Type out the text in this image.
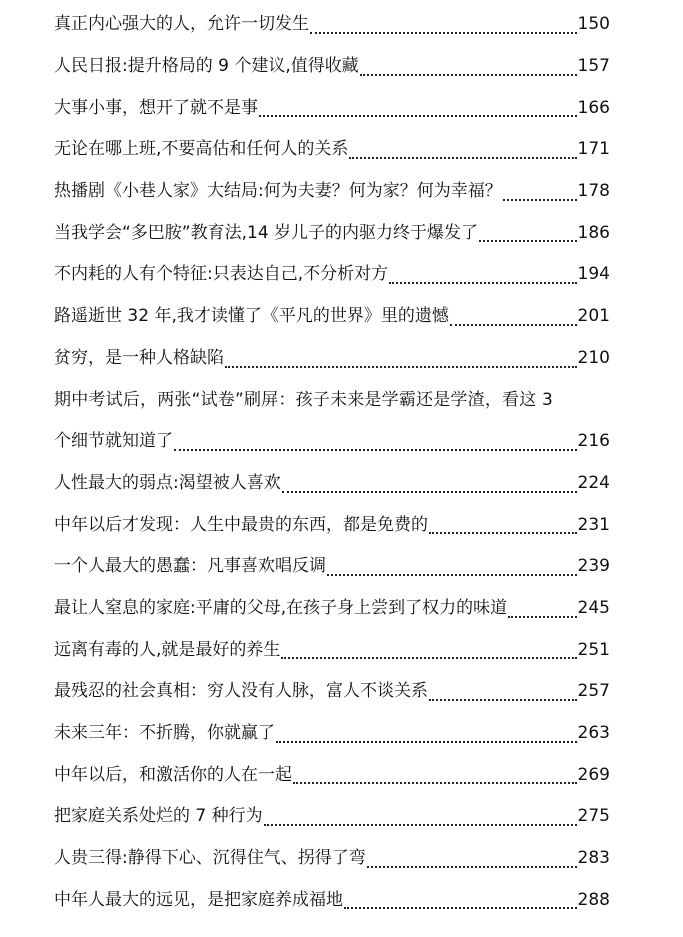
真正内心强大的人，允许一切发生	150
人民日报:提升格局的 9 个建议,值得收藏	157
大事小事，想开了就不是事	166
无论在哪上班,不要高估和任何人的关系	171
热播剧《小巷人家》大结局:何为夫妻？何为家？何为幸福？	178
当我学会“多巴胺”教育法,14 岁儿子的内驱力终于爆发了	186
不内耗的人有个特征:只表达自己,不分析对方	194
路遥逝世 32 年,我才读懂了《平凡的世界》里的遗憾	201
贫穷，是一种人格缺陷	210
期中考试后，两张“试卷”刷屏：孩子未来是学霸还是学渣，看这 3
个细节就知道了	216
人性最大的弱点:渴望被人喜欢	224
中年以后才发现：人生中最贵的东西，都是免费的	231
一个人最大的愚蠢：凡事喜欢唱反调	239
最让人窒息的家庭:平庸的父母,在孩子身上尝到了权力的味道	245
远离有毒的人,就是最好的养生	251
最残忍的社会真相：穷人没有人脉，富人不谈关系	257
未来三年：不折腾，你就赢了	263
中年以后，和激活你的人在一起	269
把家庭关系处烂的 7 种行为	275
人贵三得:静得下心、沉得住气、拐得了弯	283
中年人最大的远见，是把家庭养成福地	288
